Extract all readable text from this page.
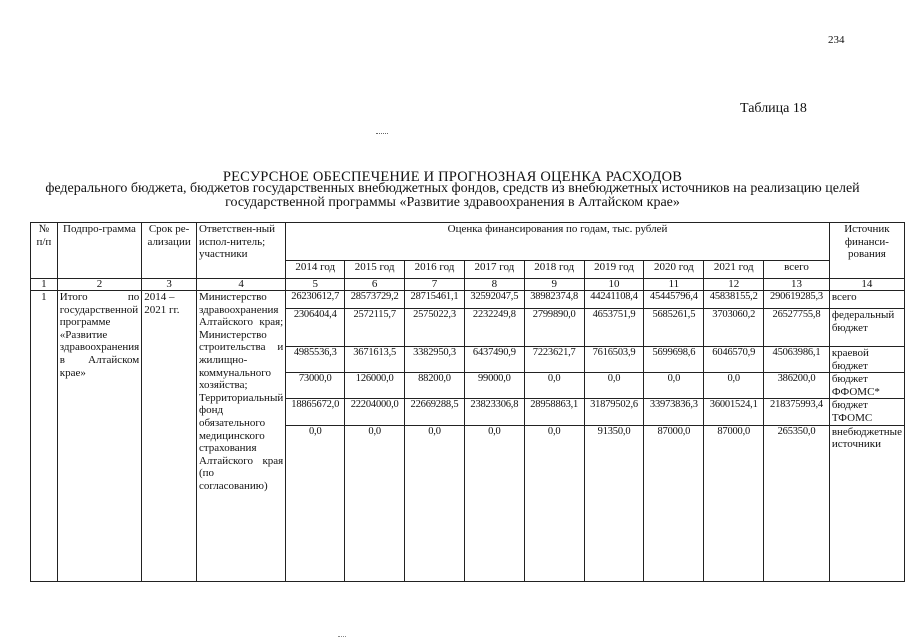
234
Таблица 18
РЕСУРСНОЕ ОБЕСПЕЧЕНИЕ И ПРОГНОЗНАЯ ОЦЕНКА РАСХОДОВ
федерального бюджета, бюджетов государственных внебюджетных фондов, средств из внебюджетных источников на реализацию целей государственной программы «Развитие здравоохранения в Алтайском крае»
№ п/п	Подпро-грамма	Срок ре-ализации	Ответствен-ный испол-нитель; участники	Оценка финансирования по годам, тыс. рублей									Источник финанси-рования
				2014 год	2015 год	2016 год	2017 год	2018 год	2019 год	2020 год	2021 год	всего	
1	2	3	4	5	6	7	8	9	10	11	12	13	14
1	Итого по государственной программе «Развитие здравоохранения в Алтайском крае»	2014 – 2021 гг.	Министерство здравоохранения Алтайского края; Министерство строительства и жилищно-коммунального хозяйства; Территориальный фонд обязательного медицинского страхования Алтайского края (по согласованию)	26230612,7	28573729,2	28715461,1	32592047,5	38982374,8	44241108,4	45445796,4	45838155,2	290619285,3	всего
				2306404,4	2572115,7	2575022,3	2232249,8	2799890,0	4653751,9	5685261,5	3703060,2	26527755,8	федеральный бюджет
				4985536,3	3671613,5	3382950,3	6437490,9	7223621,7	7616503,9	5699698,6	6046570,9	45063986,1	краевой бюджет
				73000,0	126000,0	88200,0	99000,0	0,0	0,0	0,0	0,0	386200,0	бюджет ФФОМС*
				18865672,0	22204000,0	22669288,5	23823306,8	28958863,1	31879502,6	33973836,3	36001524,1	218375993,4	бюджет ТФОМС
				0,0	0,0	0,0	0,0	0,0	91350,0	87000,0	87000,0	265350,0	внебюджетные источники
